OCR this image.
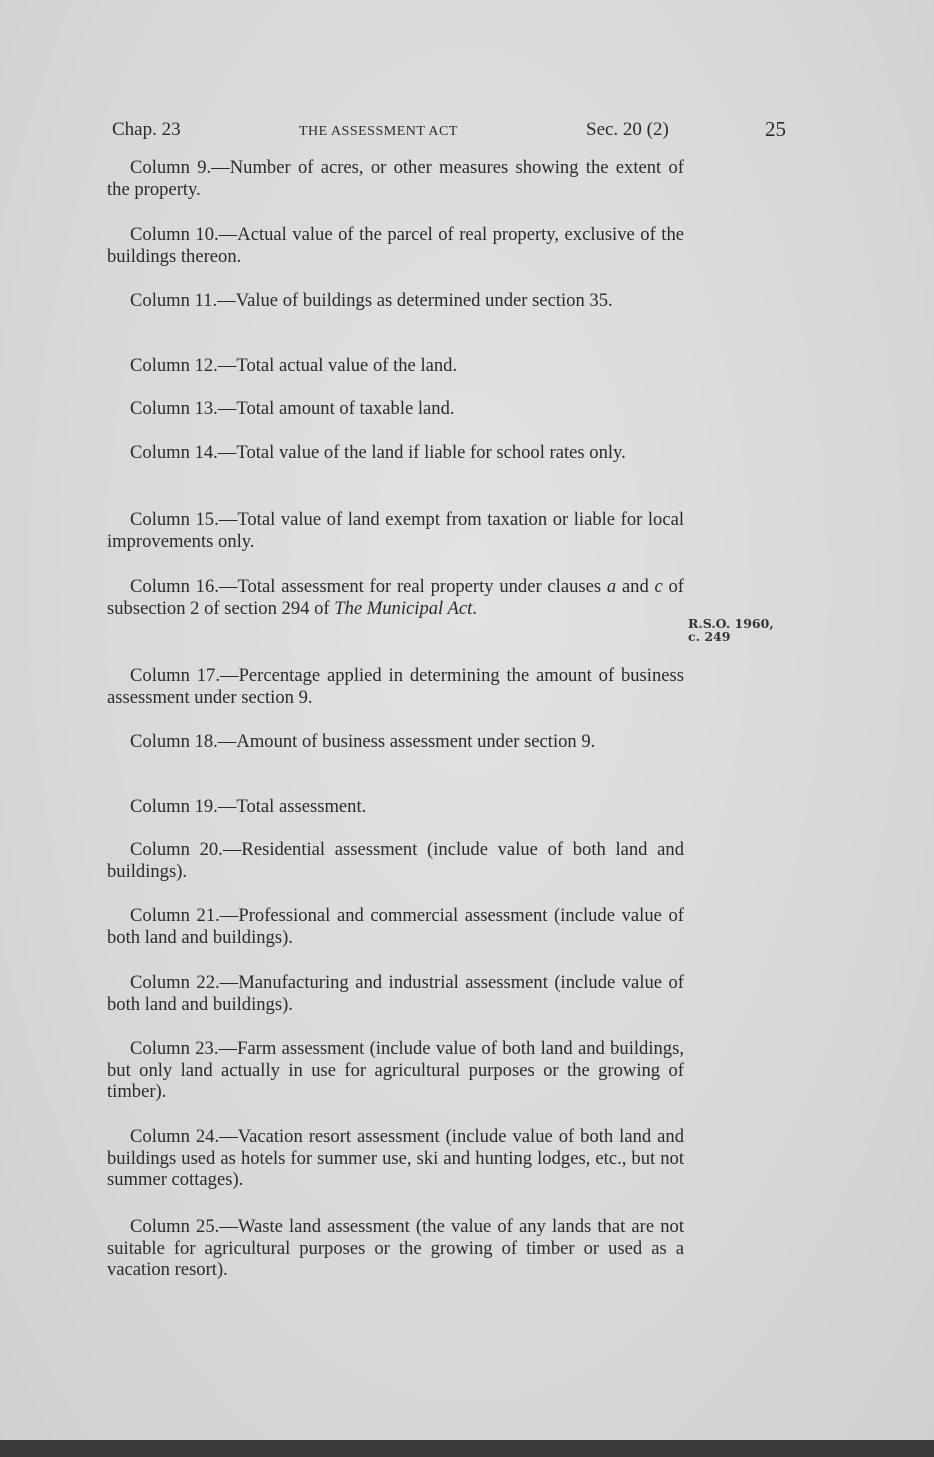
Chap. 23	THE ASSESSMENT ACT	Sec. 20 (2)	25

Column 9.—Number of acres, or other measures showing the extent of the property.

Column 10.—Actual value of the parcel of real property, exclusive of the buildings thereon.

Column 11.—Value of buildings as determined under section 35.

Column 12.—Total actual value of the land.

Column 13.—Total amount of taxable land.

Column 14.—Total value of the land if liable for school rates only.

Column 15.—Total value of land exempt from taxation or liable for local improvements only.

Column 16.—Total assessment for real property under clauses a and c of subsection 2 of section 294 of The Municipal Act.

Column 17.—Percentage applied in determining the amount of business assessment under section 9.

Column 18.—Amount of business assessment under section 9.

Column 19.—Total assessment.

Column 20.—Residential assessment (include value of both land and buildings).

Column 21.—Professional and commercial assessment (include value of both land and buildings).

Column 22.—Manufacturing and industrial assessment (include value of both land and buildings).

Column 23.—Farm assessment (include value of both land and buildings, but only land actually in use for agricultural purposes or the growing of timber).

Column 24.—Vacation resort assessment (include value of both land and buildings used as hotels for summer use, ski and hunting lodges, etc., but not summer cottages).

Column 25.—Waste land assessment (the value of any lands that are not suitable for agricultural purposes or the growing of timber or used as a vacation resort).

R.S.O. 1960,
c. 249
